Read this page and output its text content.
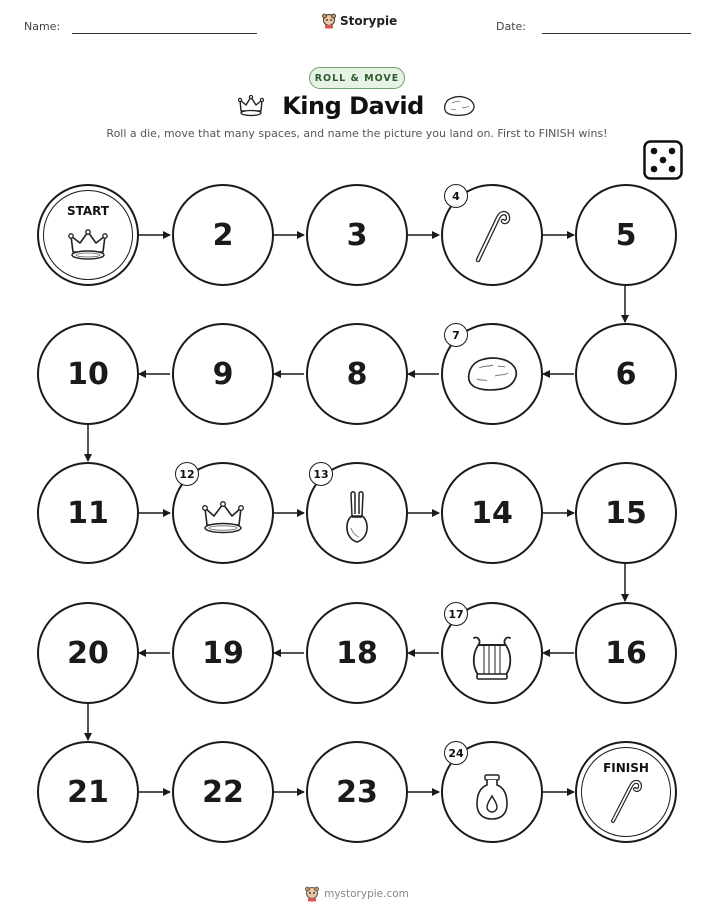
Name:	Storypie	Date:
ROLL & MOVE
King David
Roll a die, move that many spaces, and name the picture you land on. First to FINISH wins!
START
2	3
4
5
6
7
8
9
10
11
12	13
14	15
16
17
18
19
20
21	22	23
24
FINISH
mystorypie.com
